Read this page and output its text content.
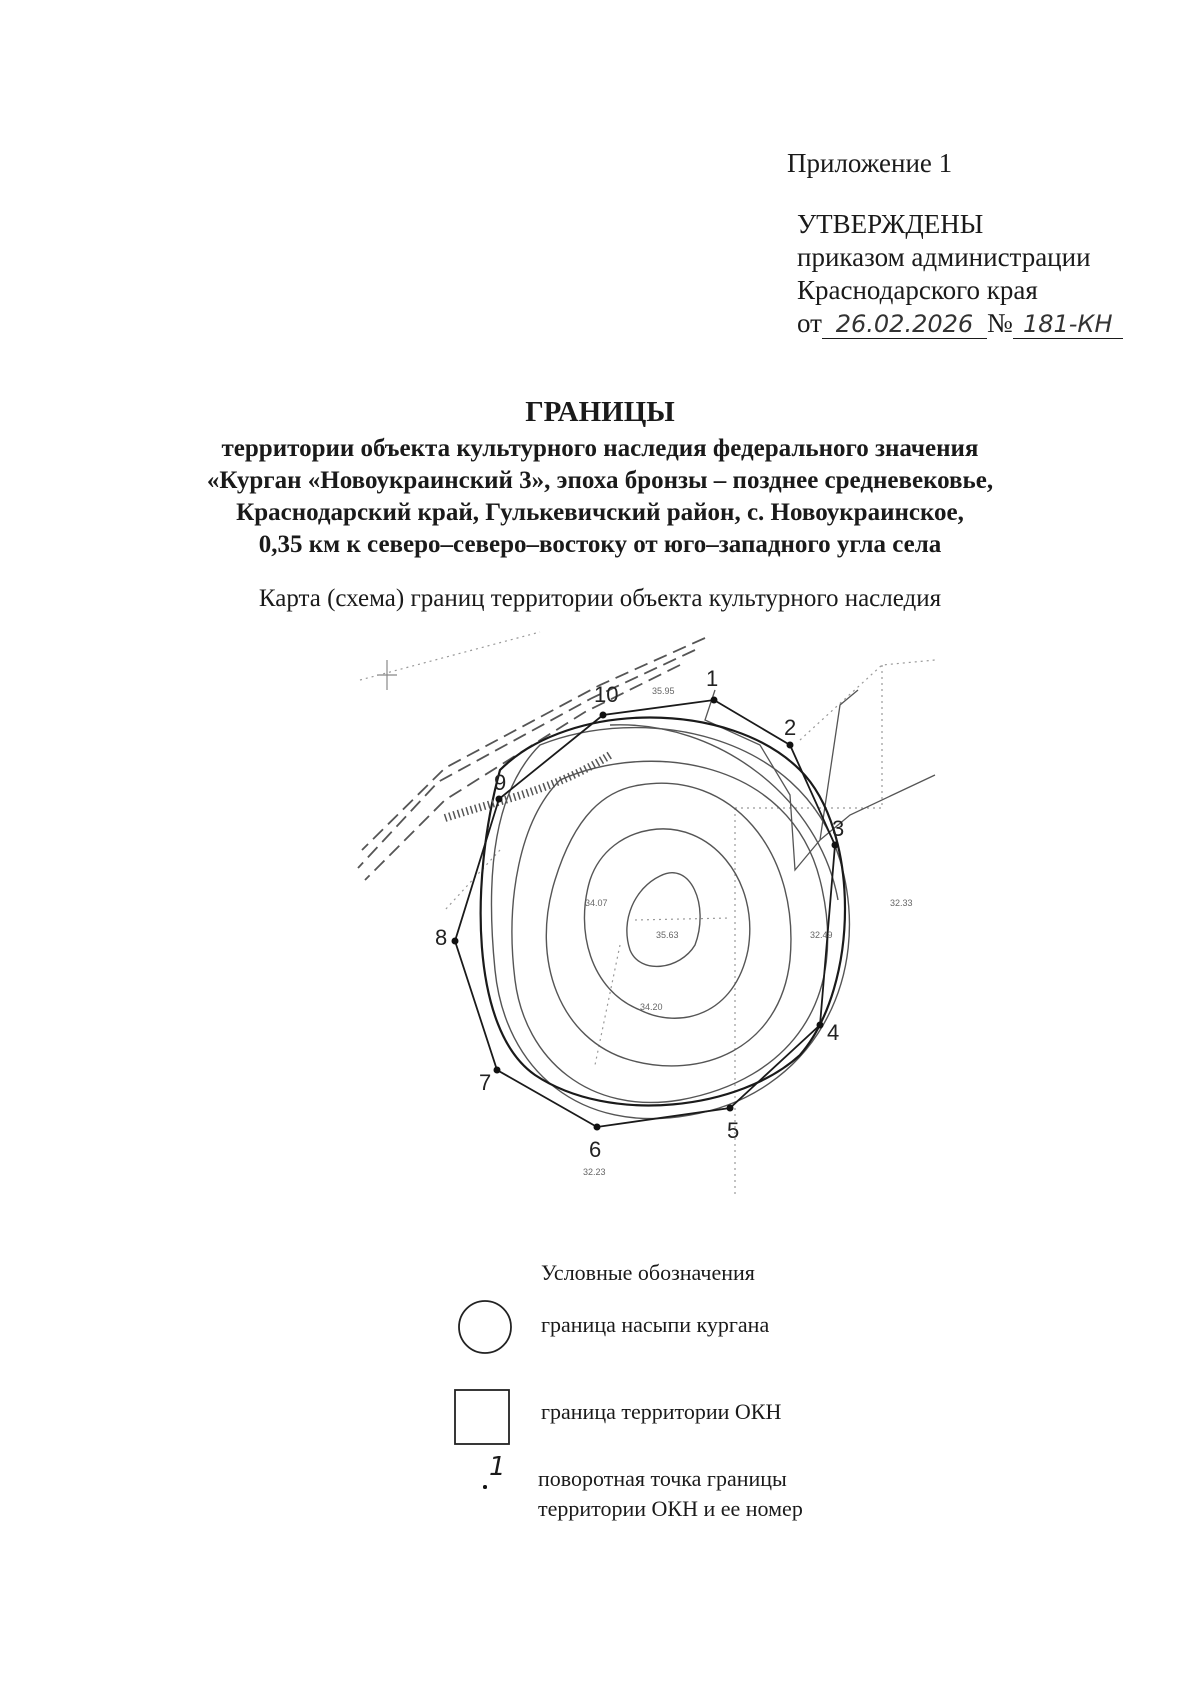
Приложение 1
УТВЕРЖДЕНЫ
приказом администрации
Краснодарского края
от 26.02.2026 № 181-КН
ГРАНИЦЫ
территории объекта культурного наследия федерального значения
«Курган «Новоукраинский 3», эпоха бронзы – позднее средневековье,
Краснодарский край, Гулькевичский район, с. Новоукраинское,
0,35 км к северо–северо–востоку от юго–западного угла села
Карта (схема) границ территории объекта культурного наследия
1
2
3
4
5
6
7
8
9
10	35.95
35.63
34.07
34.20
32.49
32.33
32.23
Условные обозначения
граница насыпи кургана
граница территории ОКН
1 поворотная точка границы
территории ОКН и ее номер
